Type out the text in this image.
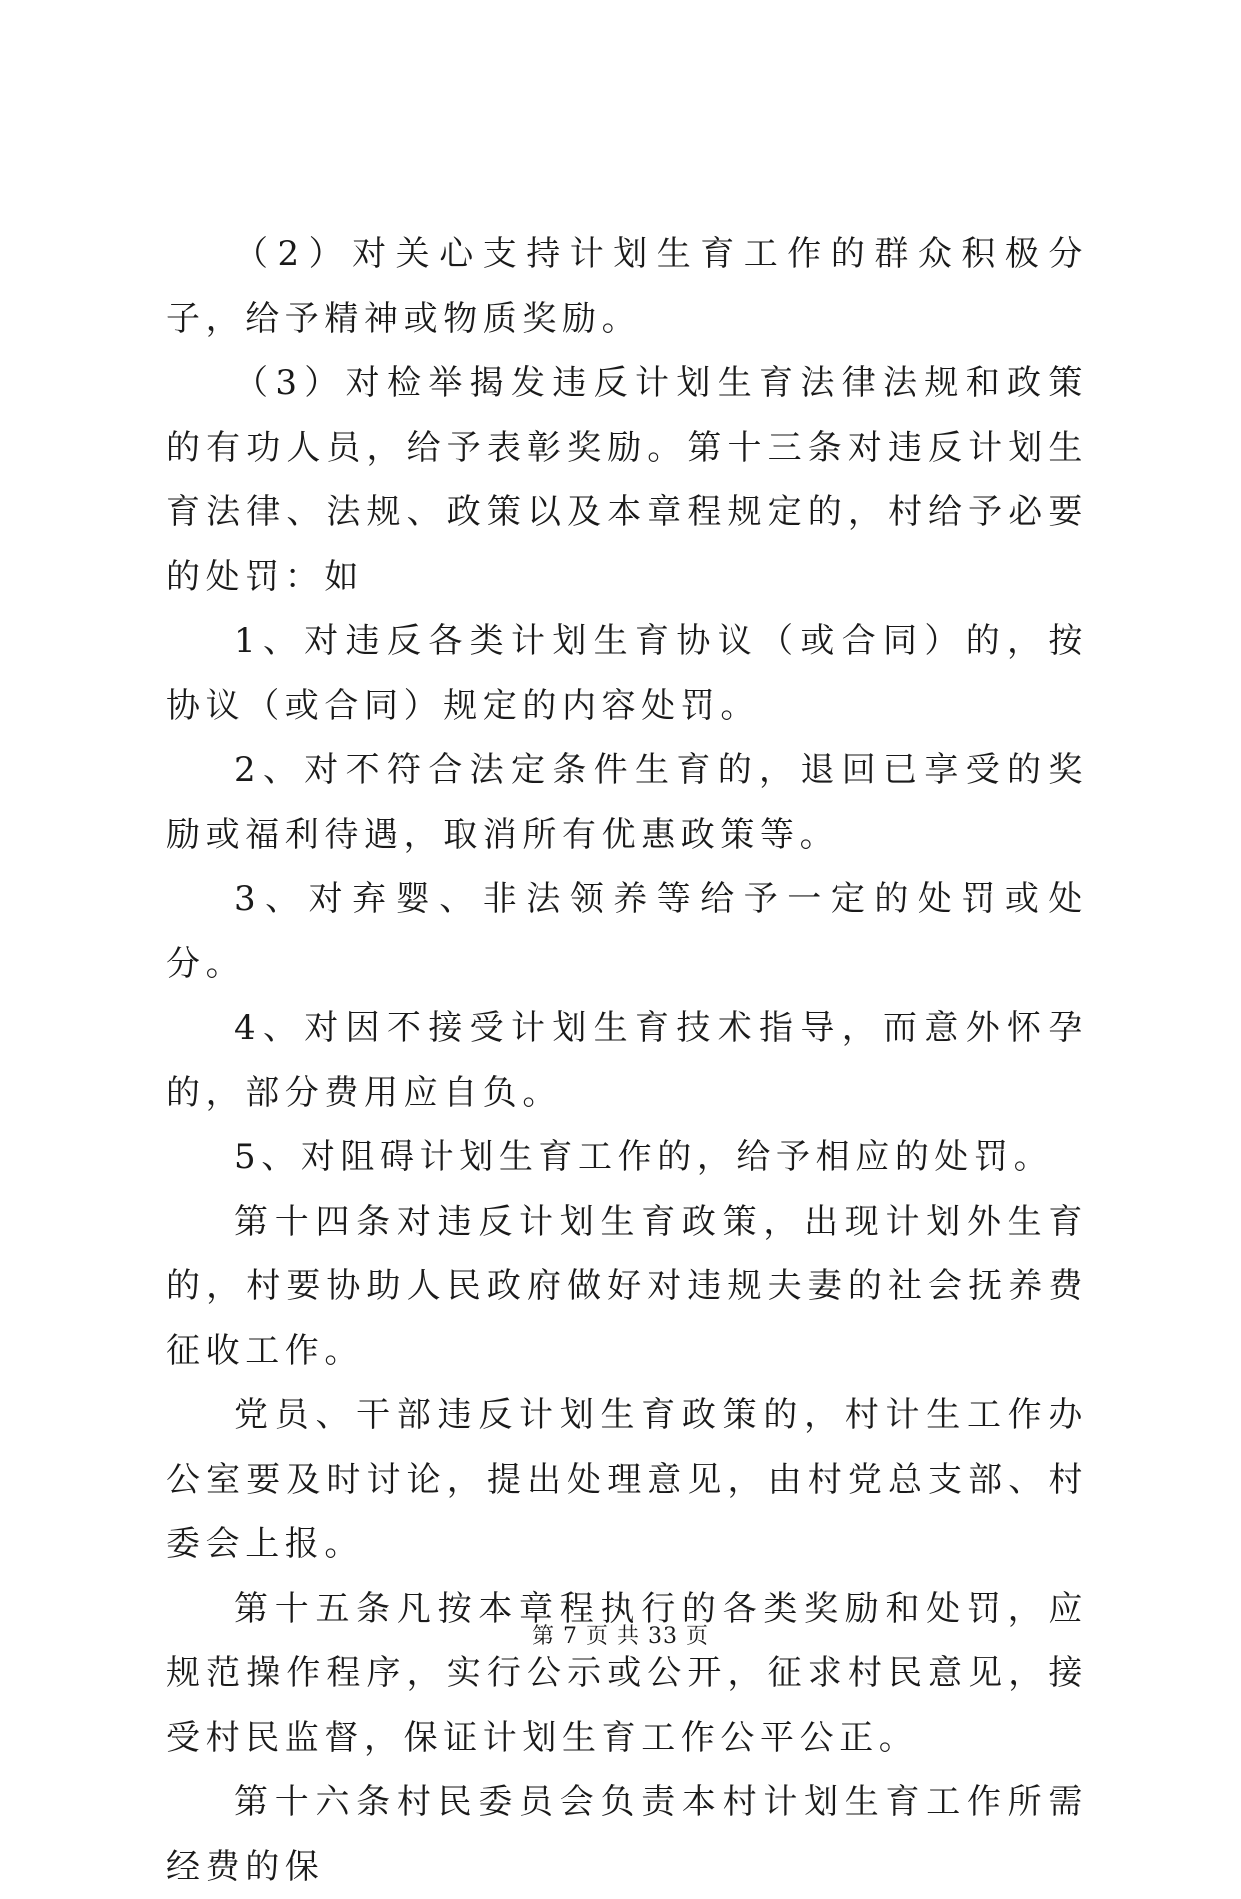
（2）对关心支持计划生育工作的群众积极分子，给予精神或物质奖励。

（3）对检举揭发违反计划生育法律法规和政策的有功人员，给予表彰奖励。第十三条对违反计划生育法律、法规、政策以及本章程规定的，村给予必要的处罚：如

1、对违反各类计划生育协议（或合同）的，按协议（或合同）规定的内容处罚。

2、对不符合法定条件生育的，退回已享受的奖励或福利待遇，取消所有优惠政策等。

3、对弃婴、非法领养等给予一定的处罚或处分。

4、对因不接受计划生育技术指导，而意外怀孕的，部分费用应自负。

5、对阻碍计划生育工作的，给予相应的处罚。

第十四条对违反计划生育政策，出现计划外生育的，村要协助人民政府做好对违规夫妻的社会抚养费征收工作。

党员、干部违反计划生育政策的，村计生工作办公室要及时讨论，提出处理意见，由村党总支部、村委会上报。

第十五条凡按本章程执行的各类奖励和处罚，应规范操作程序，实行公示或公开，征求村民意见，接受村民监督，保证计划生育工作公平公正。

第十六条村民委员会负责本村计划生育工作所需经费的保

第 7 页 共 33 页
